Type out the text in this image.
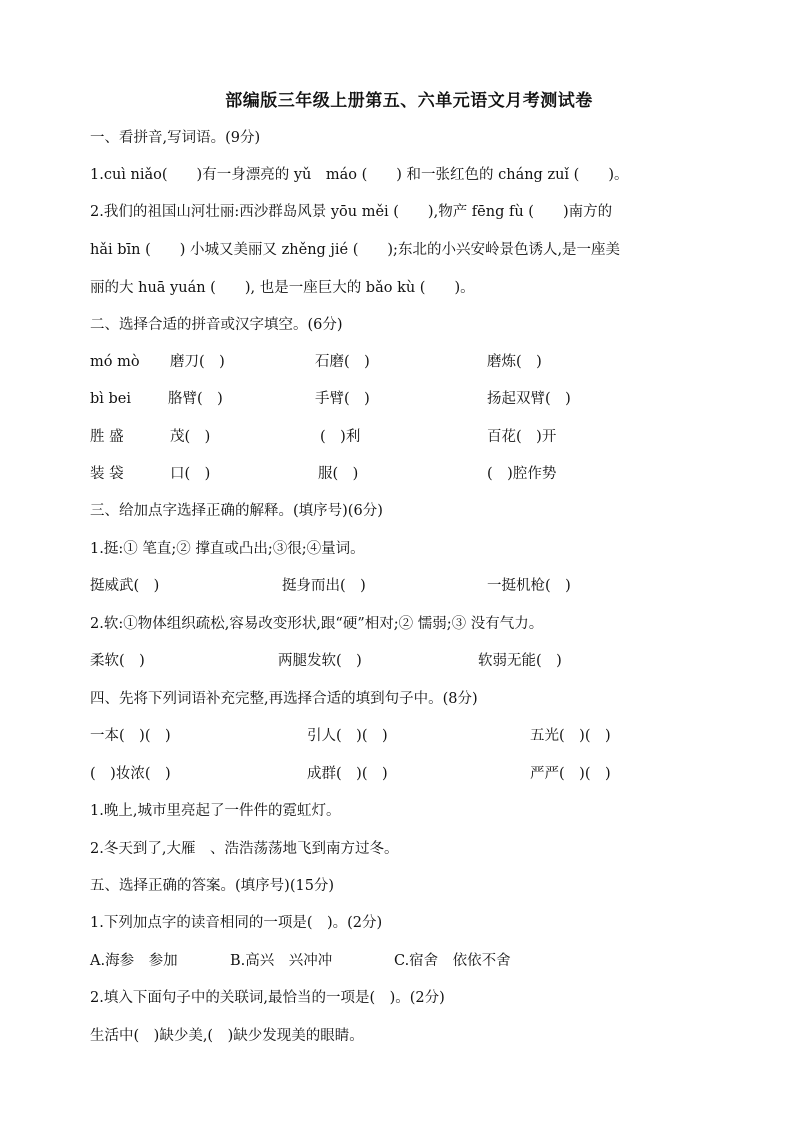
部编版三年级上册第五、六单元语文月考测试卷
一、看拼音,写词语。(9分)
1.cuì niǎo(　　)有一身漂亮的 yǔ　máo (　　) 和一张红色的 cháng zuǐ (　　)。
2.我们的祖国山河壮丽:西沙群岛风景 yōu měi (　　),物产 fēng fù (　　)南方的
hǎi bīn (　　) 小城又美丽又 zhěng jié (　　);东北的小兴安岭景色诱人,是一座美
丽的大 huā yuán (　　), 也是一座巨大的 bǎo kù (　　)。
二、选择合适的拼音或汉字填空。(6分)
mó mò 磨刀(　)	石磨(　)	磨炼(　)
bì bei	胳臂(　)	手臂(　)	扬起双臂(　)
胜 盛	茂(　)	(　)利	百花(　)开
装 袋	口(　)	服(　)	(　)腔作势
三、给加点字选择正确的解释。(填序号)(6分)
1.挺:① 笔直;② 撑直或凸出;③很;④量词。
挺威武(　)	挺身而出(　)	一挺机枪(　)
2.软:①物体组织疏松,容易改变形状,跟“硬”相对;② 懦弱;③ 没有气力。
柔软(　)	两腿发软(　)	软弱无能(　)
四、先将下列词语补充完整,再选择合适的填到句子中。(8分)
一本(　)(　)	引人(　)(　)	五光(　)(　)
(　)妆浓(　)	成群(　)(　)	严严(　)(　)
1.晚上,城市里亮起了一件件的霓虹灯。
2.冬天到了,大雁　、浩浩荡荡地飞到南方过冬。
五、选择正确的答案。(填序号)(15分)
1.下列加点字的读音相同的一项是(　)。(2分)
A.海参　参加	B.高兴　兴冲冲	C.宿舍　依依不舍
2.填入下面句子中的关联词,最恰当的一项是(　)。(2分)
生活中(　)缺少美,(　)缺少发现美的眼睛。
